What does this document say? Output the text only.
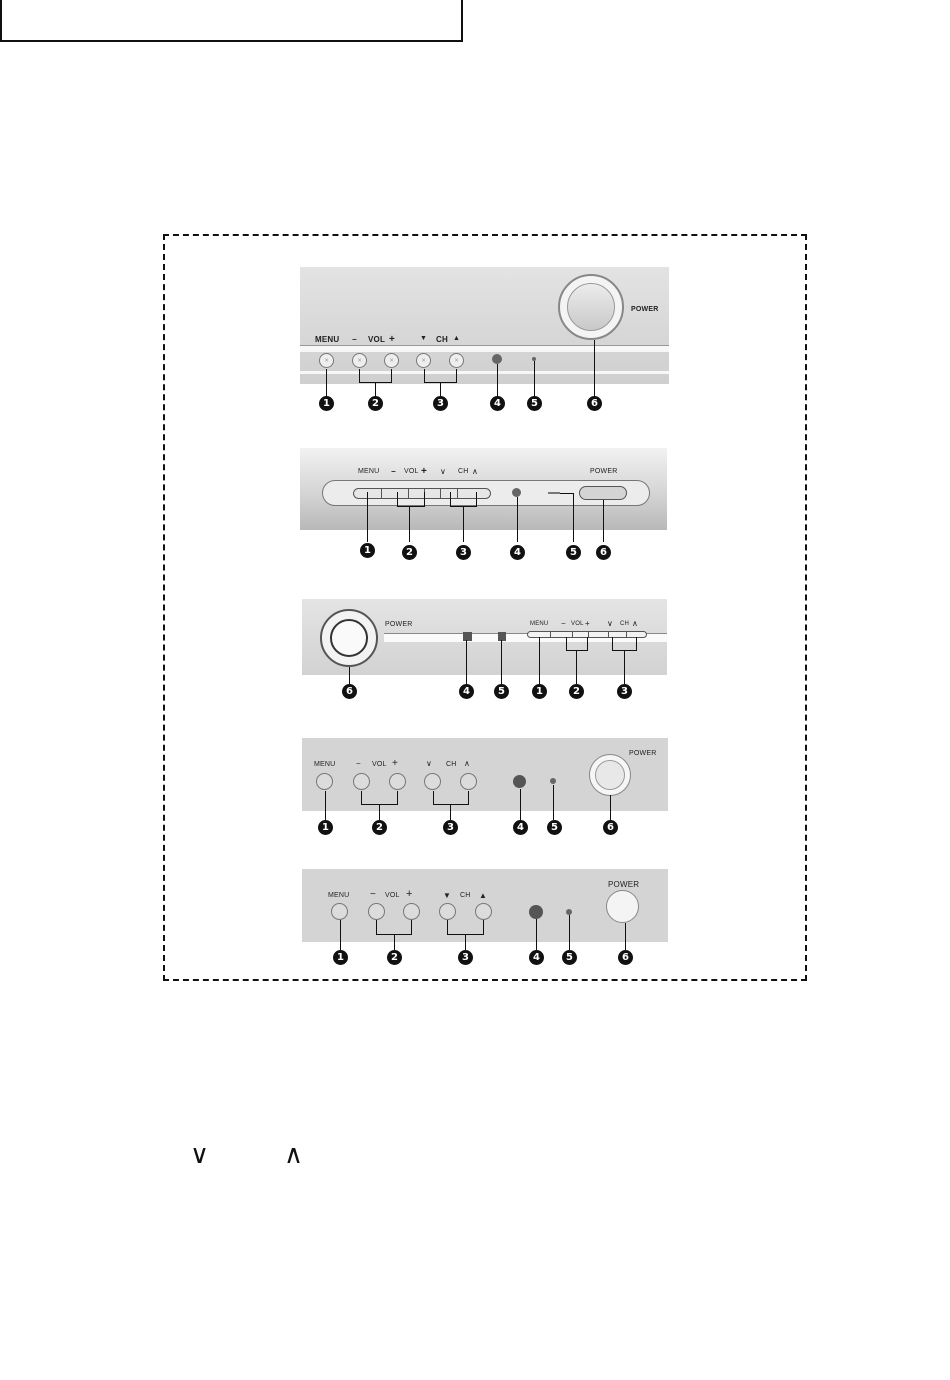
MENU − VOL +	▼ CH ▲
×
×
×
×
×
POWER
1	2	3	4	5	6
MENU − VOL + ∨ CH ∧	POWER
1	2	3	4	5	6
POWER	MENU − VOL + ∨ CH ∧
6	4	5	1	2	3
MENU	− VOL +	∨ CH ∧
POWER
1	2	3	4	5	6
MENU − VOL +	▼ CH ▲
POWER
1	2	3	4	5	6
∨	∧
